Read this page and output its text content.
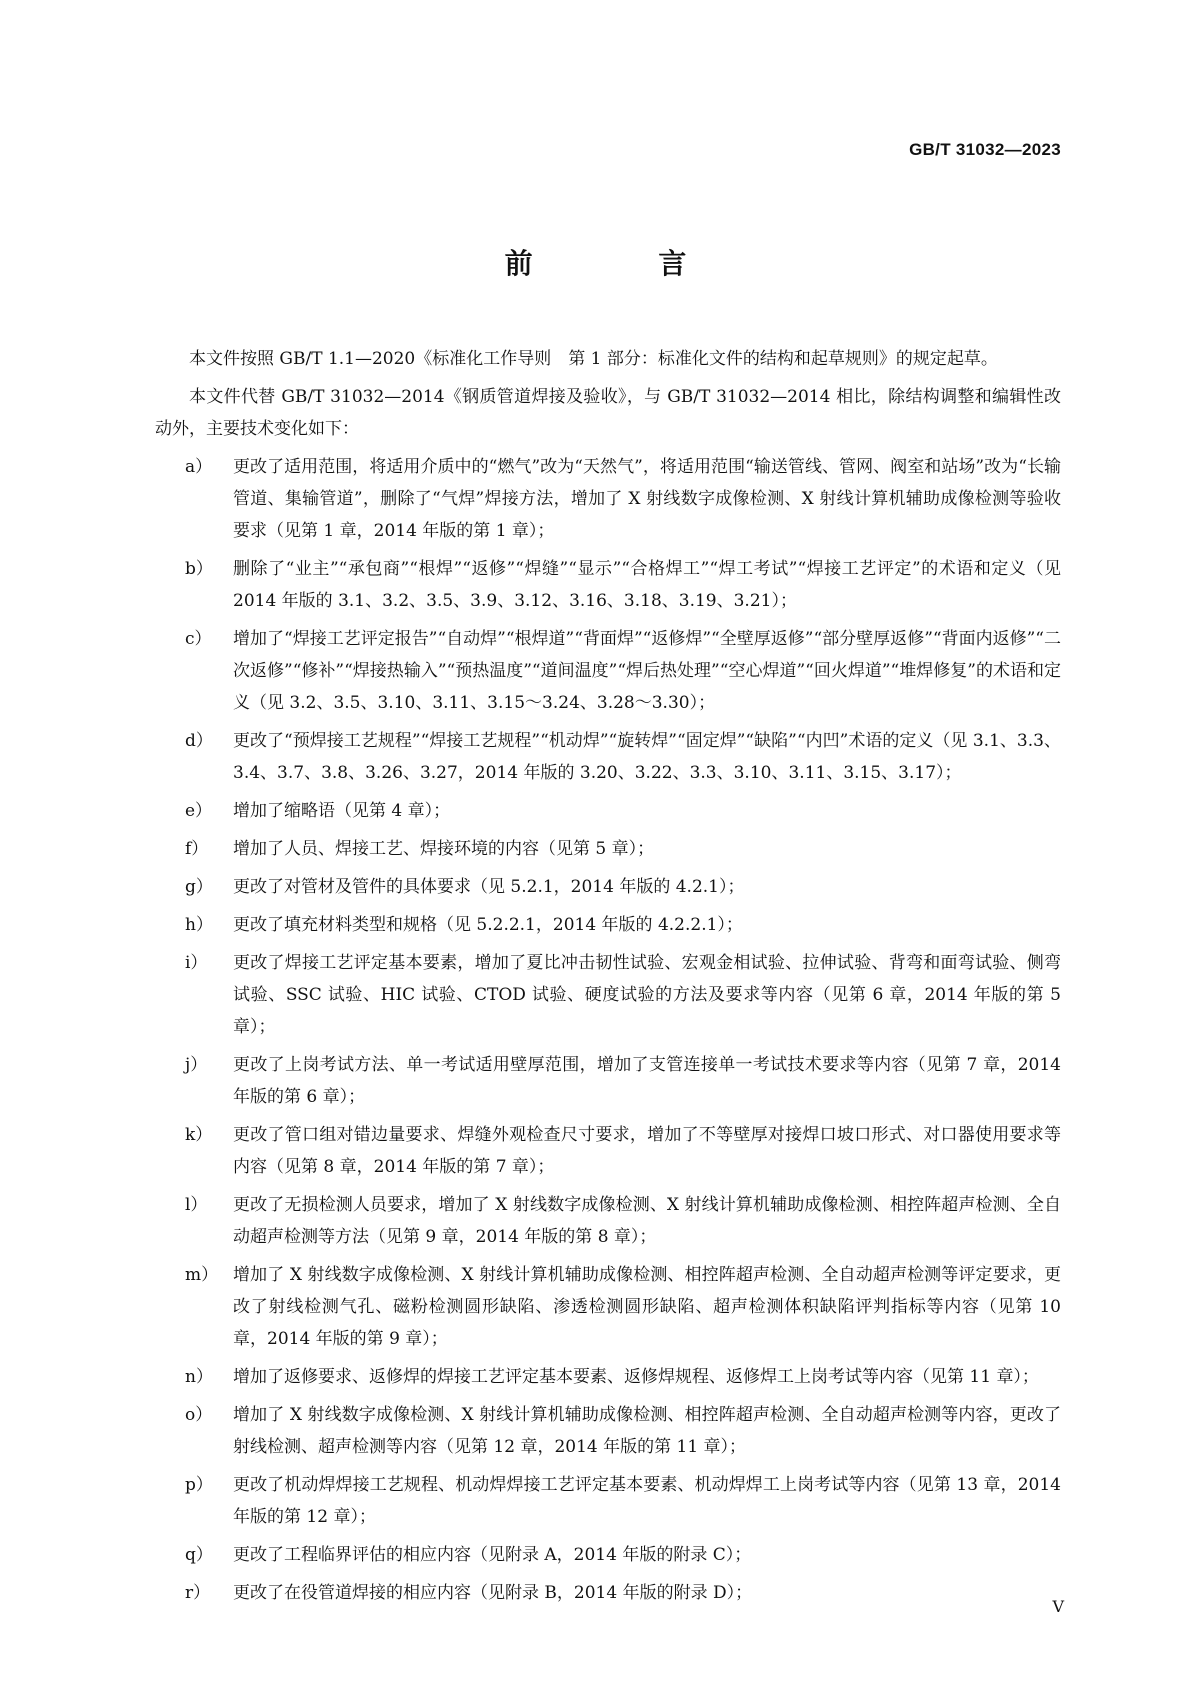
GB/T 31032—2023
前 言

本文件按照 GB/T 1.1—2020《标准化工作导则　第 1 部分：标准化文件的结构和起草规则》的规定起草。

本文件代替 GB/T 31032—2014《钢质管道焊接及验收》，与 GB/T 31032—2014 相比，除结构调整和编辑性改动外，主要技术变化如下：

a）	更改了适用范围，将适用介质中的“燃气”改为“天然气”，将适用范围“输送管线、管网、阀室和站场”改为“长输管道、集输管道”，删除了“气焊”焊接方法，增加了 X 射线数字成像检测、X 射线计算机辅助成像检测等验收要求（见第 1 章，2014 年版的第 1 章）；
b）	删除了“业主”“承包商”“根焊”“返修”“焊缝”“显示”“合格焊工”“焊工考试”“焊接工艺评定”的术语和定义（见 2014 年版的 3.1、3.2、3.5、3.9、3.12、3.16、3.18、3.19、3.21）；
c）	增加了“焊接工艺评定报告”“自动焊”“根焊道”“背面焊”“返修焊”“全壁厚返修”“部分壁厚返修”“背面内返修”“二次返修”“修补”“焊接热输入”“预热温度”“道间温度”“焊后热处理”“空心焊道”“回火焊道”“堆焊修复”的术语和定义（见 3.2、3.5、3.10、3.11、3.15～3.24、3.28～3.30）；
d）	更改了“预焊接工艺规程”“焊接工艺规程”“机动焊”“旋转焊”“固定焊”“缺陷”“内凹”术语的定义（见 3.1、3.3、3.4、3.7、3.8、3.26、3.27，2014 年版的 3.20、3.22、3.3、3.10、3.11、3.15、3.17）；
e）	增加了缩略语（见第 4 章）；
f）	增加了人员、焊接工艺、焊接环境的内容（见第 5 章）；
g）	更改了对管材及管件的具体要求（见 5.2.1，2014 年版的 4.2.1）；
h）	更改了填充材料类型和规格（见 5.2.2.1，2014 年版的 4.2.2.1）；
i）	更改了焊接工艺评定基本要素，增加了夏比冲击韧性试验、宏观金相试验、拉伸试验、背弯和面弯试验、侧弯试验、SSC 试验、HIC 试验、CTOD 试验、硬度试验的方法及要求等内容（见第 6 章，2014 年版的第 5 章）；
j）	更改了上岗考试方法、单一考试适用壁厚范围，增加了支管连接单一考试技术要求等内容（见第 7 章，2014 年版的第 6 章）；
k）	更改了管口组对错边量要求、焊缝外观检查尺寸要求，增加了不等壁厚对接焊口坡口形式、对口器使用要求等内容（见第 8 章，2014 年版的第 7 章）；
l）	更改了无损检测人员要求，增加了 X 射线数字成像检测、X 射线计算机辅助成像检测、相控阵超声检测、全自动超声检测等方法（见第 9 章，2014 年版的第 8 章）；
m） 增加了 X 射线数字成像检测、X 射线计算机辅助成像检测、相控阵超声检测、全自动超声检测等评定要求，更改了射线检测气孔、磁粉检测圆形缺陷、渗透检测圆形缺陷、超声检测体积缺陷评判指标等内容（见第 10 章，2014 年版的第 9 章）；
n）	增加了返修要求、返修焊的焊接工艺评定基本要素、返修焊规程、返修焊工上岗考试等内容（见第 11 章）；
o）	增加了 X 射线数字成像检测、X 射线计算机辅助成像检测、相控阵超声检测、全自动超声检测等内容，更改了射线检测、超声检测等内容（见第 12 章，2014 年版的第 11 章）；
p）	更改了机动焊焊接工艺规程、机动焊焊接工艺评定基本要素、机动焊焊工上岗考试等内容（见第 13 章，2014 年版的第 12 章）；
q）	更改了工程临界评估的相应内容（见附录 A，2014 年版的附录 C）；
r）	更改了在役管道焊接的相应内容（见附录 B，2014 年版的附录 D）；
Ⅴ
